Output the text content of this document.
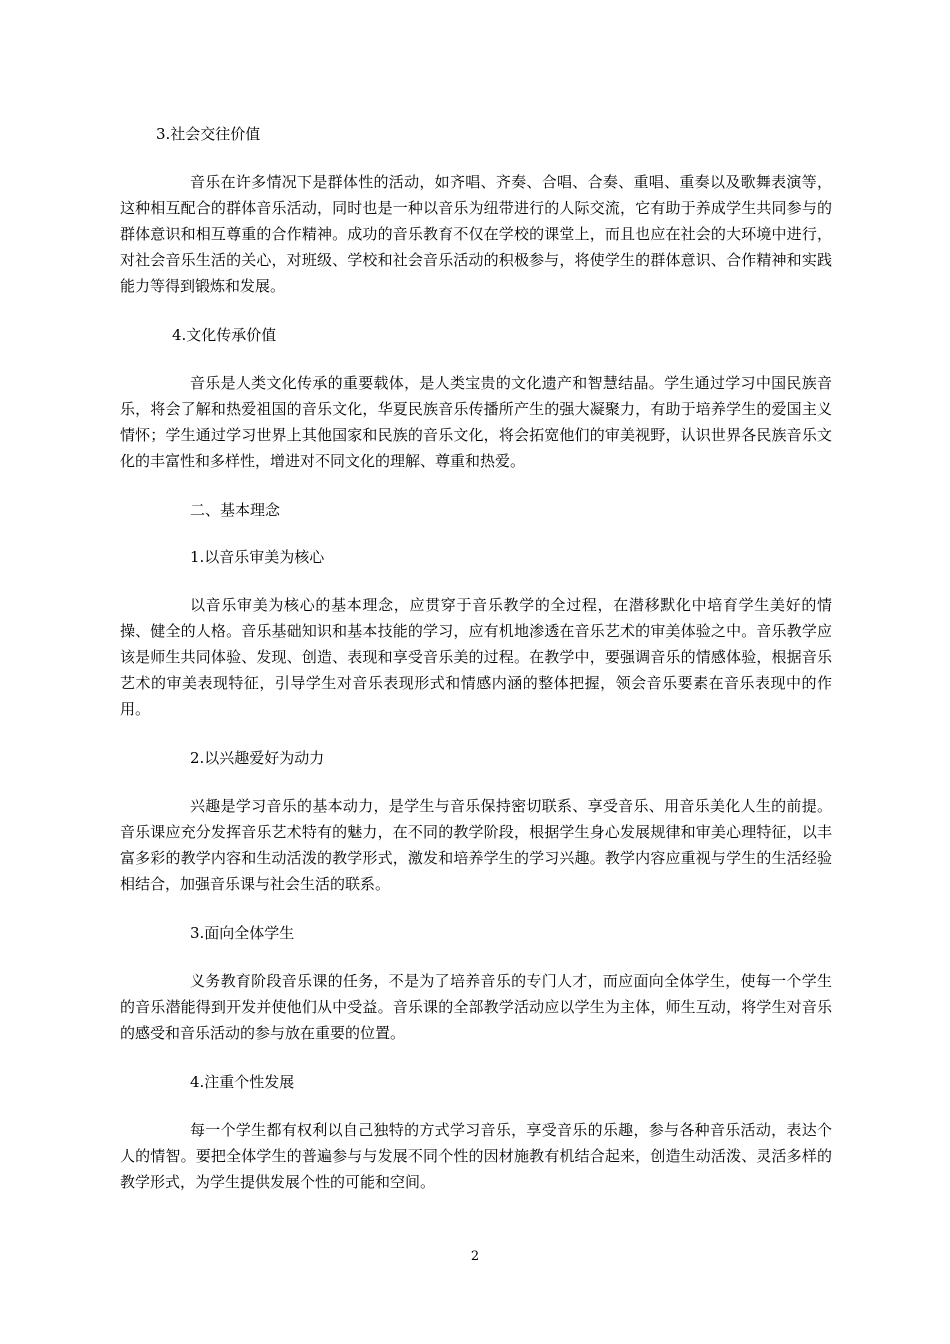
3.社会交往价值

音乐在许多情况下是群体性的活动，如齐唱、齐奏、合唱、合奏、重唱、重奏以及歌舞表演等，这种相互配合的群体音乐活动，同时也是一种以音乐为纽带进行的人际交流，它有助于养成学生共同参与的群体意识和相互尊重的合作精神。成功的音乐教育不仅在学校的课堂上，而且也应在社会的大环境中进行，对社会音乐生活的关心，对班级、学校和社会音乐活动的积极参与，将使学生的群体意识、合作精神和实践能力等得到锻炼和发展。

4.文化传承价值

音乐是人类文化传承的重要载体，是人类宝贵的文化遗产和智慧结晶。学生通过学习中国民族音乐，将会了解和热爱祖国的音乐文化，华夏民族音乐传播所产生的强大凝聚力，有助于培养学生的爱国主义情怀；学生通过学习世界上其他国家和民族的音乐文化，将会拓宽他们的审美视野，认识世界各民族音乐文化的丰富性和多样性，增进对不同文化的理解、尊重和热爱。

二、基本理念

1.以音乐审美为核心

以音乐审美为核心的基本理念，应贯穿于音乐教学的全过程，在潜移默化中培育学生美好的情操、健全的人格。音乐基础知识和基本技能的学习，应有机地渗透在音乐艺术的审美体验之中。音乐教学应该是师生共同体验、发现、创造、表现和享受音乐美的过程。在教学中，要强调音乐的情感体验，根据音乐艺术的审美表现特征，引导学生对音乐表现形式和情感内涵的整体把握，领会音乐要素在音乐表现中的作用。

2.以兴趣爱好为动力

兴趣是学习音乐的基本动力，是学生与音乐保持密切联系、享受音乐、用音乐美化人生的前提。音乐课应充分发挥音乐艺术特有的魅力，在不同的教学阶段，根据学生身心发展规律和审美心理特征，以丰富多彩的教学内容和生动活泼的教学形式，激发和培养学生的学习兴趣。教学内容应重视与学生的生活经验相结合，加强音乐课与社会生活的联系。

3.面向全体学生

义务教育阶段音乐课的任务，不是为了培养音乐的专门人才，而应面向全体学生，使每一个学生的音乐潜能得到开发并使他们从中受益。音乐课的全部教学活动应以学生为主体，师生互动，将学生对音乐的感受和音乐活动的参与放在重要的位置。

4.注重个性发展

每一个学生都有权利以自己独特的方式学习音乐，享受音乐的乐趣，参与各种音乐活动，表达个人的情智。要把全体学生的普遍参与与发展不同个性的因材施教有机结合起来，创造生动活泼、灵活多样的教学形式，为学生提供发展个性的可能和空间。

2
